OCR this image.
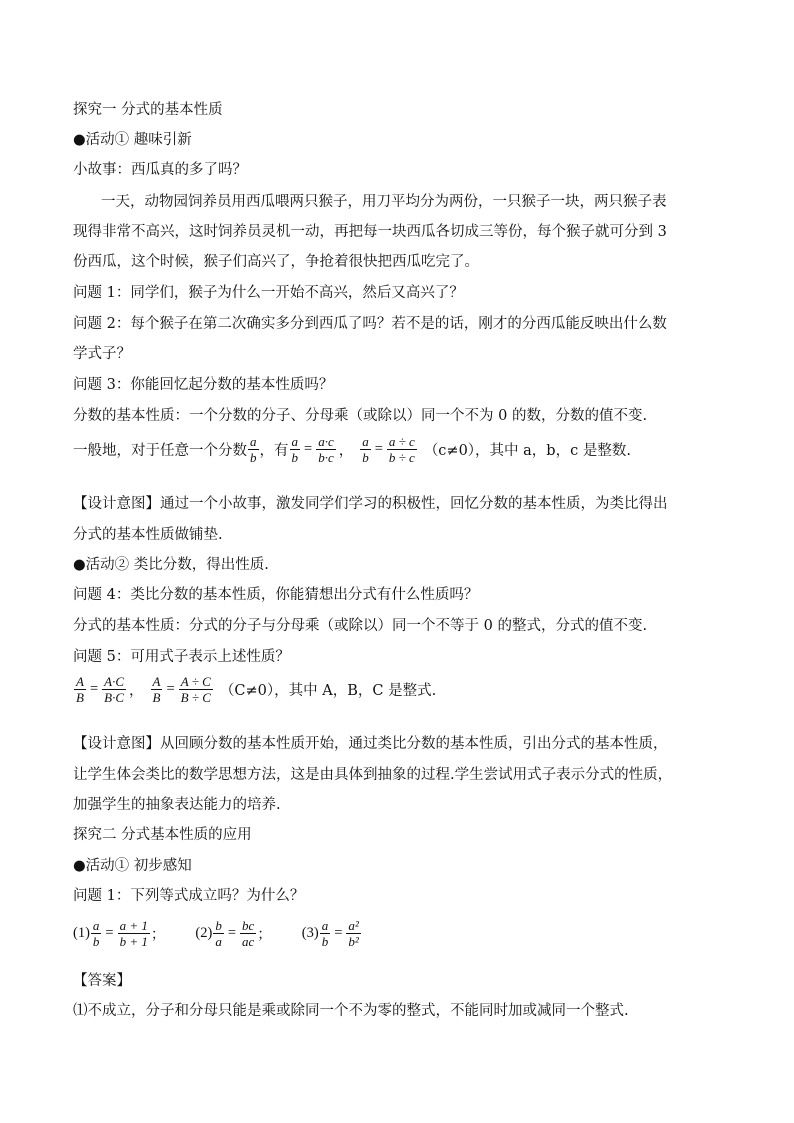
探究一 分式的基本性质
●活动① 趣味引新
小故事：西瓜真的多了吗？
一天，动物园饲养员用西瓜喂两只猴子，用刀平均分为两份，一只猴子一块，两只猴子表
现得非常不高兴，这时饲养员灵机一动，再把每一块西瓜各切成三等份，每个猴子就可分到 3
份西瓜，这个时候，猴子们高兴了，争抢着很快把西瓜吃完了。
问题 1：同学们，猴子为什么一开始不高兴，然后又高兴了？
问题 2：每个猴子在第二次确实多分到西瓜了吗？若不是的话，刚才的分西瓜能反映出什么数
学式子？
问题 3：你能回忆起分数的基本性质吗？
分数的基本性质：一个分数的分子、分母乘（或除以）同一个不为 0 的数，分数的值不变.
一般地，对于任意一个分数 $\frac{a}{b}$ ，有 $\frac{a}{b} = \frac{a\cdot c}{b\cdot c}$ ， $\frac{a}{b} = \frac{a \div c}{b \div c} (c\ne 0)$，其中 a，b，c 是整数.
【设计意图】通过一个小故事，激发同学们学习的积极性，回忆分数的基本性质，为类比得出
分式的基本性质做铺垫.
●活动② 类比分数，得出性质.
问题 4：类比分数的基本性质，你能猜想出分式有什么性质吗？
分式的基本性质：分式的分子与分母乘（或除以）同一个不等于 0 的整式，分式的值不变.
问题 5：可用式子表示上述性质？
$\frac{A}{B} = \frac{A\cdot C}{B\cdot C}$ ， $\frac{A}{B} = \frac{A \div C}{B \div C} (C\ne 0)$，其中 A，B，C 是整式.
【设计意图】从回顾分数的基本性质开始，通过类比分数的基本性质，引出分式的基本性质，
让学生体会类比的数学思想方法，这是由具体到抽象的过程.学生尝试用式子表示分式的性质，
加强学生的抽象表达能力的培养.
探究二 分式基本性质的应用
●活动① 初步感知
问题 1：下列等式成立吗？为什么？
$(1) \frac{a}{b} = \frac{a + 1}{b + 1}$ ； $(2) \frac{b}{a} = \frac{bc}{ac}$ ； $(3) \frac{a}{b} = \frac{\text{a²}}{\text{b²}}$
【答案】
⑴不成立，分子和分母只能是乘或除同一个不为零的整式，不能同时加或减同一个整式.
